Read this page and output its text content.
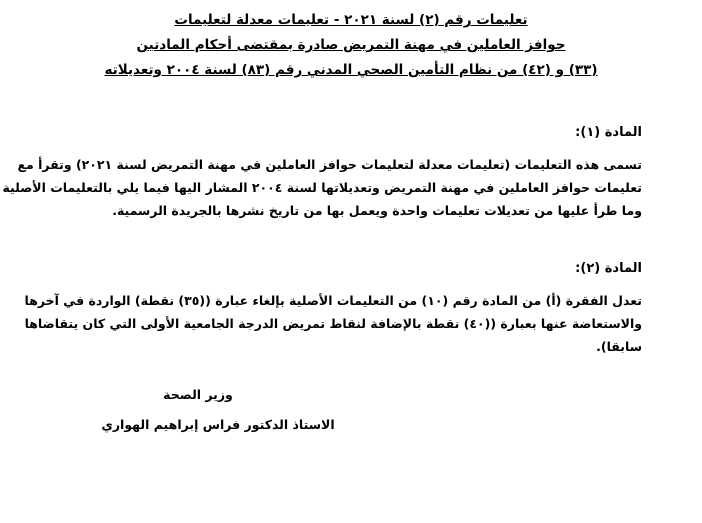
تعليمات رقم (٢) لسنة ٢٠٢١ - تعليمات معدلة لتعليمات
حوافز العاملين في مهنة التمريض صادرة بمقتضى أحكام المادتين
(٣٣) و (٤٢) من نظام التأمين الصحي المدني رقم (٨٣) لسنة ٢٠٠٤ وتعديلاته
المادة (١):

تسمى هذه التعليمات (تعليمات معدلة لتعليمات حوافز العاملين في مهنة التمريض لسنة ٢٠٢١) وتقرأ مع

تعليمات حوافز العاملين في مهنة التمريض وتعديلاتها لسنة ٢٠٠٤ المشار اليها فيما يلي بالتعليمات الأصلية

وما طرأ عليها من تعديلات تعليمات واحدة ويعمل بها من تاريخ نشرها بالجريدة الرسمية.

المادة (٢):

تعدل الفقرة (أ) من المادة رقم (١٠) من التعليمات الأصلية بإلغاء عبارة ((٣٥) نقطة) الواردة في آخرها

والاستعاضة عنها بعبارة ((٤٠) نقطة بالإضافة لنقاط تمريض الدرجة الجامعية الأولى التي كان يتقاضاها

سابقا).

وزير الصحة
الاستاذ الدكتور فراس إبراهيم الهواري
